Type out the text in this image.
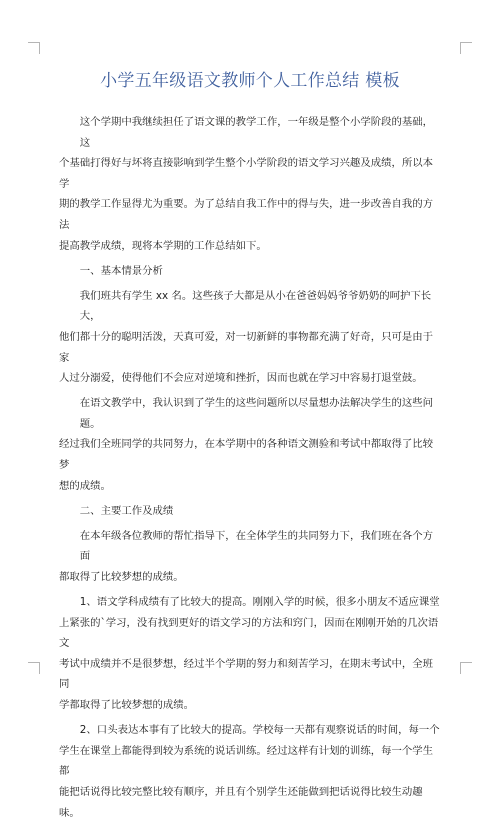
小学五年级语文教师个人工作总结 模板

这个学期中我继续担任了语文课的教学工作，一年级是整个小学阶段的基础，这
个基础打得好与坏将直接影响到学生整个小学阶段的语文学习兴趣及成绩，所以本学
期的教学工作显得尤为重要。为了总结自我工作中的得与失，进一步改善自我的方法
提高教学成绩，现将本学期的工作总结如下。

一、基本情景分析

我们班共有学生 xx 名。这些孩子大都是从小在爸爸妈妈爷爷奶奶的呵护下长大，
他们都十分的聪明活泼，天真可爱，对一切新鲜的事物都充满了好奇，只可是由于家
人过分溺爱，使得他们不会应对逆境和挫折，因而也就在学习中容易打退堂鼓。

在语文教学中，我认识到了学生的这些问题所以尽量想办法解决学生的这些问题。
经过我们全班同学的共同努力，在本学期中的各种语文测验和考试中都取得了比较梦
想的成绩。

二、主要工作及成绩

在本年级各位教师的帮忙指导下，在全体学生的共同努力下，我们班在各个方面
都取得了比较梦想的成绩。

1、语文学科成绩有了比较大的提高。刚刚入学的时候，很多小朋友不适应课堂
上紧张的`学习，没有找到更好的语文学习的方法和窍门，因而在刚刚开始的几次语文
考试中成绩并不是很梦想，经过半个学期的努力和刻苦学习，在期末考试中，全班同
学都取得了比较梦想的成绩。

2、口头表达本事有了比较大的提高。学校每一天都有观察说话的时间，每一个
学生在课堂上都能得到较为系统的说话训练。经过这样有计划的训练，每一个学生都
能把话说得比较完整比较有顺序，并且有个别学生还能做到把话说得比较生动趣味。
